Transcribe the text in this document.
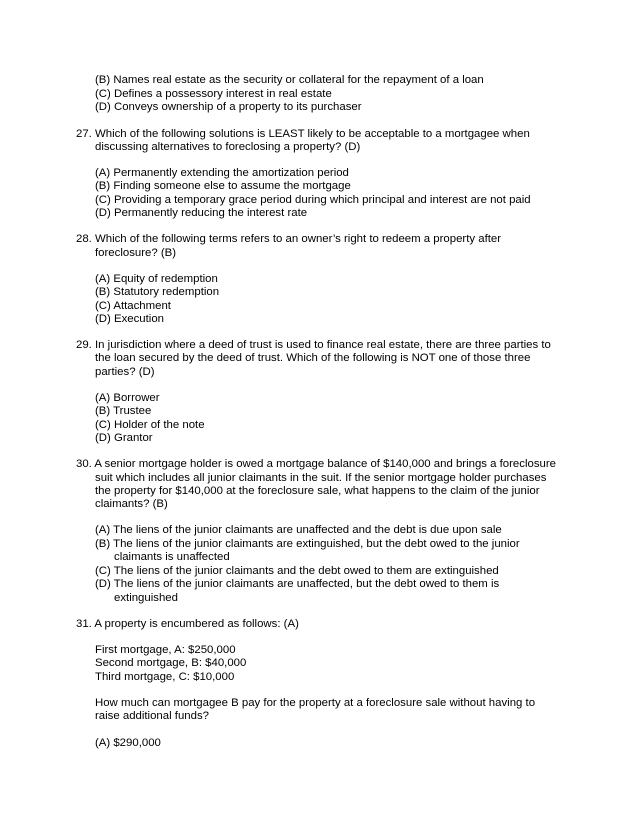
(B) Names real estate as the security or collateral for the repayment of a loan

(C) Defines a possessory interest in real estate

(D) Conveys ownership of a property to its purchaser

27. Which of the following solutions is LEAST likely to be acceptable to a mortgagee when

discussing alternatives to foreclosing a property? (D)

(A) Permanently extending the amortization period

(B) Finding someone else to assume the mortgage

(C) Providing a temporary grace period during which principal and interest are not paid

(D) Permanently reducing the interest rate

28. Which of the following terms refers to an owner’s right to redeem a property after

foreclosure? (B)

(A) Equity of redemption

(B) Statutory redemption

(C) Attachment

(D) Execution

29. In jurisdiction where a deed of trust is used to finance real estate, there are three parties to

the loan secured by the deed of trust. Which of the following is NOT one of those three

parties? (D)

(A) Borrower

(B) Trustee

(C) Holder of the note

(D) Grantor

30. A senior mortgage holder is owed a mortgage balance of $140,000 and brings a foreclosure

suit which includes all junior claimants in the suit. If the senior mortgage holder purchases

the property for $140,000 at the foreclosure sale, what happens to the claim of the junior

claimants? (B)

(A) The liens of the junior claimants are unaffected and the debt is due upon sale

(B) The liens of the junior claimants are extinguished, but the debt owed to the junior

claimants is unaffected

(C) The liens of the junior claimants and the debt owed to them are extinguished

(D) The liens of the junior claimants are unaffected, but the debt owed to them is

extinguished

31. A property is encumbered as follows: (A)

First mortgage, A: $250,000

Second mortgage, B: $40,000

Third mortgage, C: $10,000

How much can mortgagee B pay for the property at a foreclosure sale without having to

raise additional funds?

(A) $290,000
